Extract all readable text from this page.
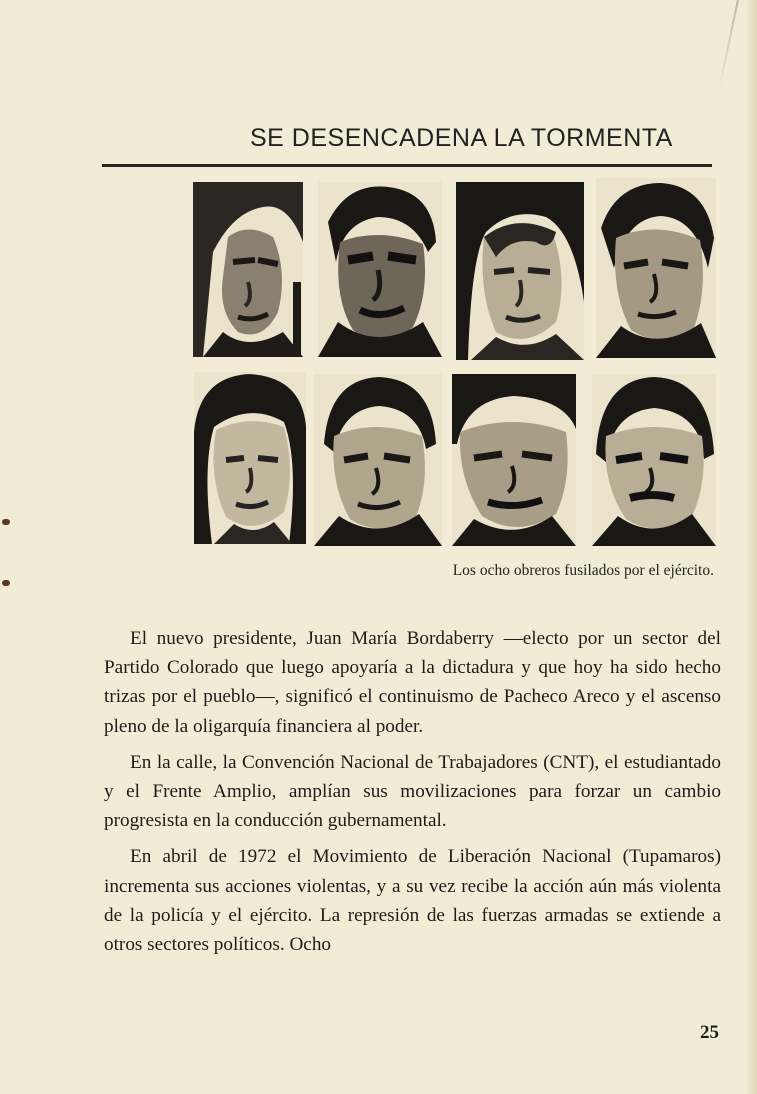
SE DESENCADENA LA TORMENTA
Los ocho obreros fusilados por el ejército.

El nuevo presidente, Juan María Bordaberry —electo por un sector del Partido Colorado que luego apoyaría a la dictadura y que hoy ha sido hecho trizas por el pueblo—, significó el continuismo de Pacheco Areco y el ascenso pleno de la oligarquía financiera al poder.

En la calle, la Convención Nacional de Trabajadores (CNT), el estudiantado y el Frente Amplio, amplían sus movilizaciones para forzar un cambio progresista en la conducción gubernamental.

En abril de 1972 el Movimiento de Liberación Nacional (Tupamaros) incrementa sus acciones violentas, y a su vez recibe la acción aún más violenta de la policía y el ejército. La represión de las fuerzas armadas se extiende a otros sectores políticos. Ocho

25
